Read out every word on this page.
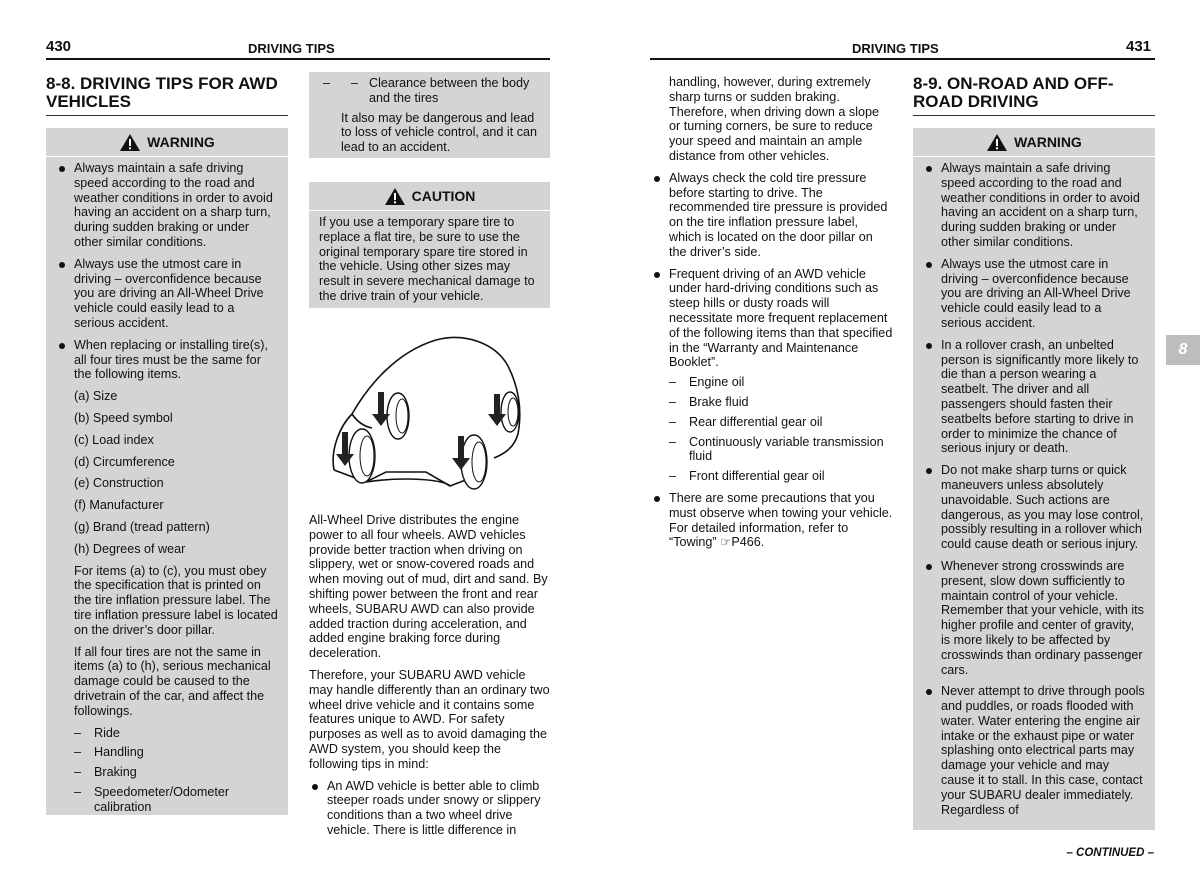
430	DRIVING TIPS
8-8. DRIVING TIPS FOR AWD VEHICLES
WARNING
Always maintain a safe driving speed according to the road and weather conditions in order to avoid having an accident on a sharp turn, during sudden braking or under other similar conditions.
Always use the utmost care in driving – overconfidence because you are driving an All-Wheel Drive vehicle could easily lead to a serious accident.
When replacing or installing tire(s), all four tires must be the same for the following items.
(a) Size
(b) Speed symbol
(c) Load index
(d) Circumference
(e) Construction
(f) Manufacturer
(g) Brand (tread pattern)
(h) Degrees of wear
For items (a) to (c), you must obey the specification that is printed on the tire inflation pressure label. The tire inflation pressure label is located on the driver’s door pillar.
If all four tires are not the same in items (a) to (h), serious mechanical damage could be caused to the drivetrain of the car, and affect the followings.
– Ride
– Handling
– Braking
– Speedometer/Odometer calibration
– – Clearance between the body and the tires
It also may be dangerous and lead to loss of vehicle control, and it can lead to an accident.
CAUTION
If you use a temporary spare tire to replace a flat tire, be sure to use the original temporary spare tire stored in the vehicle. Using other sizes may result in severe mechanical damage to the drive train of your vehicle.

All-Wheel Drive distributes the engine power to all four wheels. AWD vehicles provide better traction when driving on slippery, wet or snow-covered roads and when moving out of mud, dirt and sand. By shifting power between the front and rear wheels, SUBARU AWD can also provide added traction during acceleration, and added engine braking force during deceleration.

Therefore, your SUBARU AWD vehicle may handle differently than an ordinary two wheel drive vehicle and it contains some features unique to AWD. For safety purposes as well as to avoid damaging the AWD system, you should keep the following tips in mind:

An AWD vehicle is better able to climb steeper roads under snowy or slippery conditions than a two wheel drive vehicle. There is little difference in
DRIVING TIPS	431

handling, however, during extremely sharp turns or sudden braking. Therefore, when driving down a slope or turning corners, be sure to reduce your speed and maintain an ample distance from other vehicles.

Always check the cold tire pressure before starting to drive. The recommended tire pressure is provided on the tire inflation pressure label, which is located on the door pillar on the driver’s side.
Frequent driving of an AWD vehicle under hard-driving conditions such as steep hills or dusty roads will necessitate more frequent replacement of the following items than that specified in the “Warranty and Maintenance Booklet”.
– Engine oil
– Brake fluid
– Rear differential gear oil
– Continuously variable transmission fluid
– Front differential gear oil
There are some precautions that you must observe when towing your vehicle. For detailed information, refer to “Towing” ☞P466.
8-9. ON-ROAD AND OFF-ROAD DRIVING
WARNING
Always maintain a safe driving speed according to the road and weather conditions in order to avoid having an accident on a sharp turn, during sudden braking or under other similar conditions.
Always use the utmost care in driving – overconfidence because you are driving an All-Wheel Drive vehicle could easily lead to a serious accident.
In a rollover crash, an unbelted person is significantly more likely to die than a person wearing a seatbelt. The driver and all passengers should fasten their seatbelts before starting to drive in order to minimize the chance of serious injury or death.
Do not make sharp turns or quick maneuvers unless absolutely unavoidable. Such actions are dangerous, as you may lose control, possibly resulting in a rollover which could cause death or serious injury.
Whenever strong crosswinds are present, slow down sufficiently to maintain control of your vehicle. Remember that your vehicle, with its higher profile and center of gravity, is more likely to be affected by crosswinds than ordinary passenger cars.
Never attempt to drive through pools and puddles, or roads flooded with water. Water entering the engine air intake or the exhaust pipe or water splashing onto electrical parts may damage your vehicle and may cause it to stall. In this case, contact your SUBARU dealer immediately. Regardless of
8
– CONTINUED –
